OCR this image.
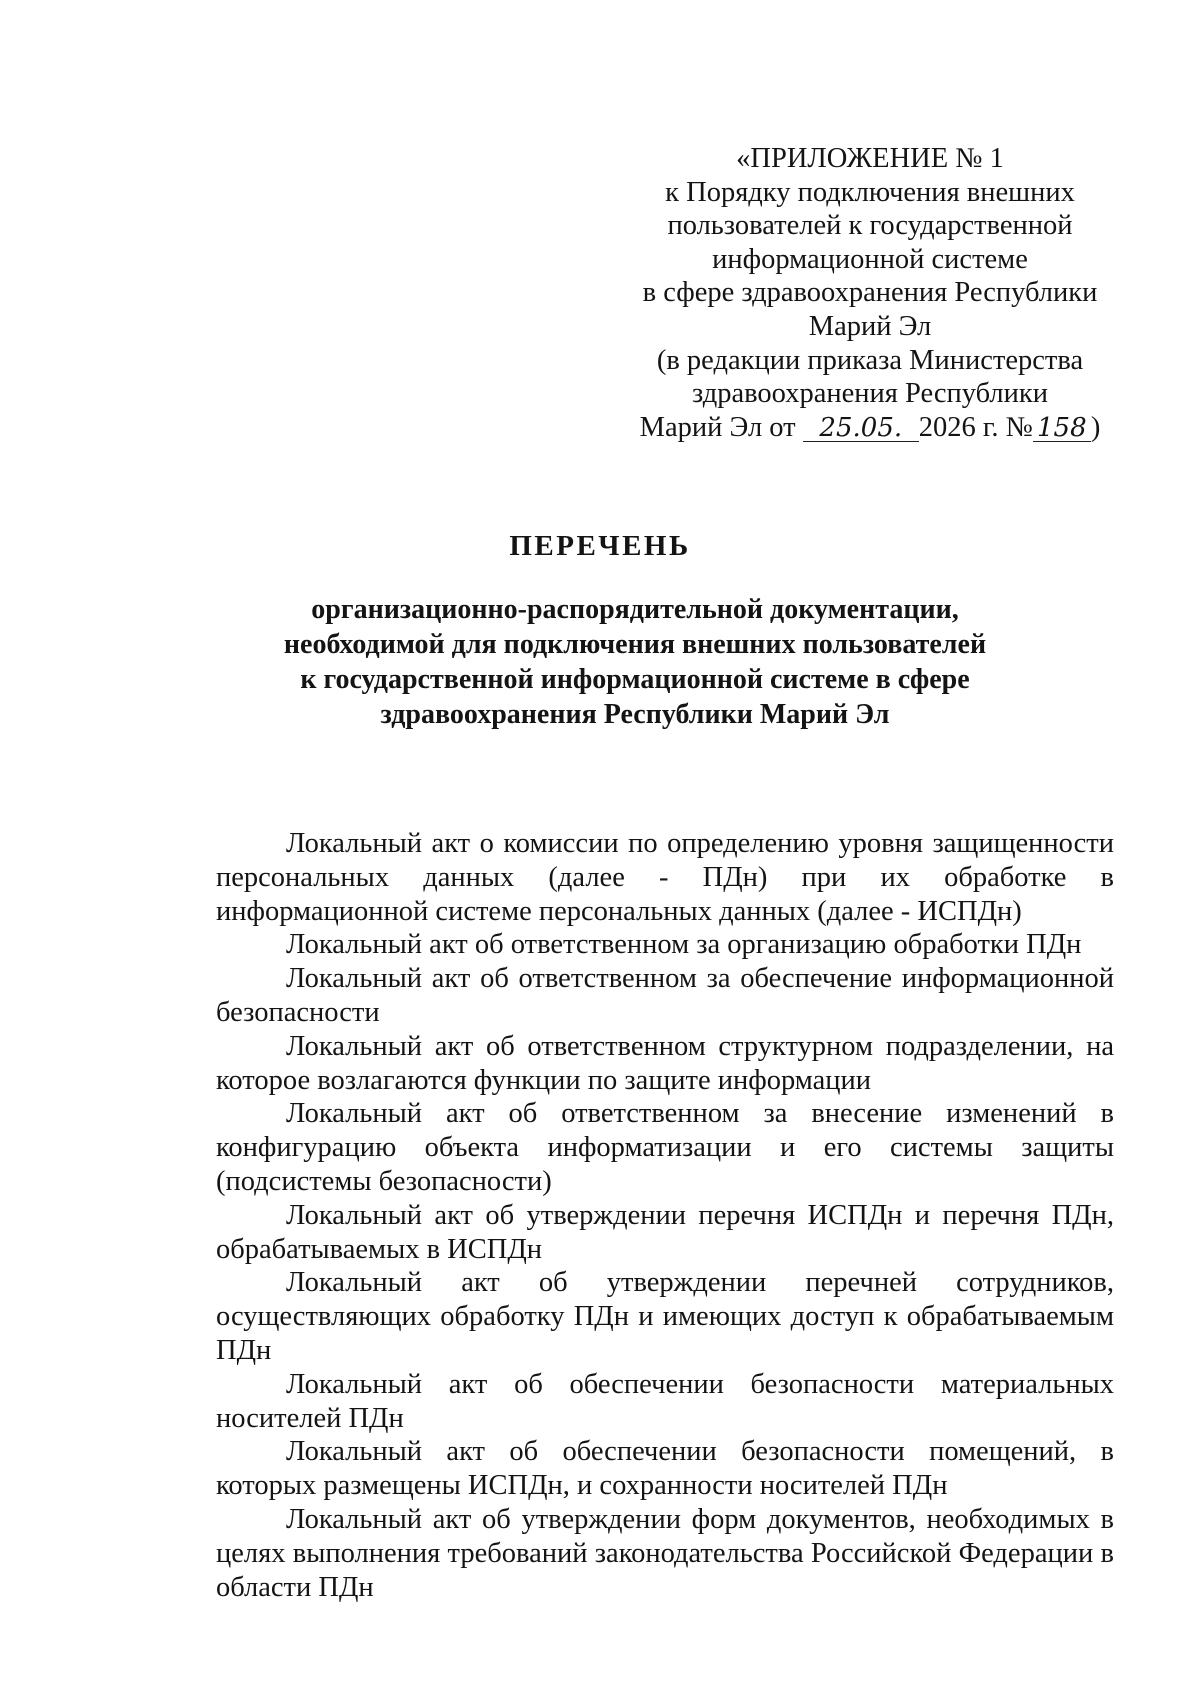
«ПРИЛОЖЕНИЕ № 1
к Порядку подключения внешних
пользователей к государственной
информационной системе
в сфере здравоохранения Республики
Марий Эл
(в редакции приказа Министерства
здравоохранения Республики
Марий Эл от 25.05. 2026 г. № 158 )
ПЕРЕЧЕНЬ
организационно-распорядительной документации,
необходимой для подключения внешних пользователей
к государственной информационной системе в сфере
здравоохранения Республики Марий Эл

Локальный акт о комиссии по определению уровня защищенности персональных данных (далее - ПДн) при их обработке в информационной системе персональных данных (далее - ИСПДн)

Локальный акт об ответственном за организацию обработки ПДн

Локальный акт об ответственном за обеспечение информационной безопасности

Локальный акт об ответственном структурном подразделении, на которое возлагаются функции по защите информации

Локальный акт об ответственном за внесение изменений в конфигурацию объекта информатизации и его системы защиты (подсистемы безопасности)

Локальный акт об утверждении перечня ИСПДн и перечня ПДн, обрабатываемых в ИСПДн

Локальный акт об утверждении перечней сотрудников, осуществляющих обработку ПДн и имеющих доступ к обрабатываемым ПДн

Локальный акт об обеспечении безопасности материальных носителей ПДн

Локальный акт об обеспечении безопасности помещений, в которых размещены ИСПДн, и сохранности носителей ПДн

Локальный акт об утверждении форм документов, необходимых в целях выполнения требований законодательства Российской Федерации в области ПДн
